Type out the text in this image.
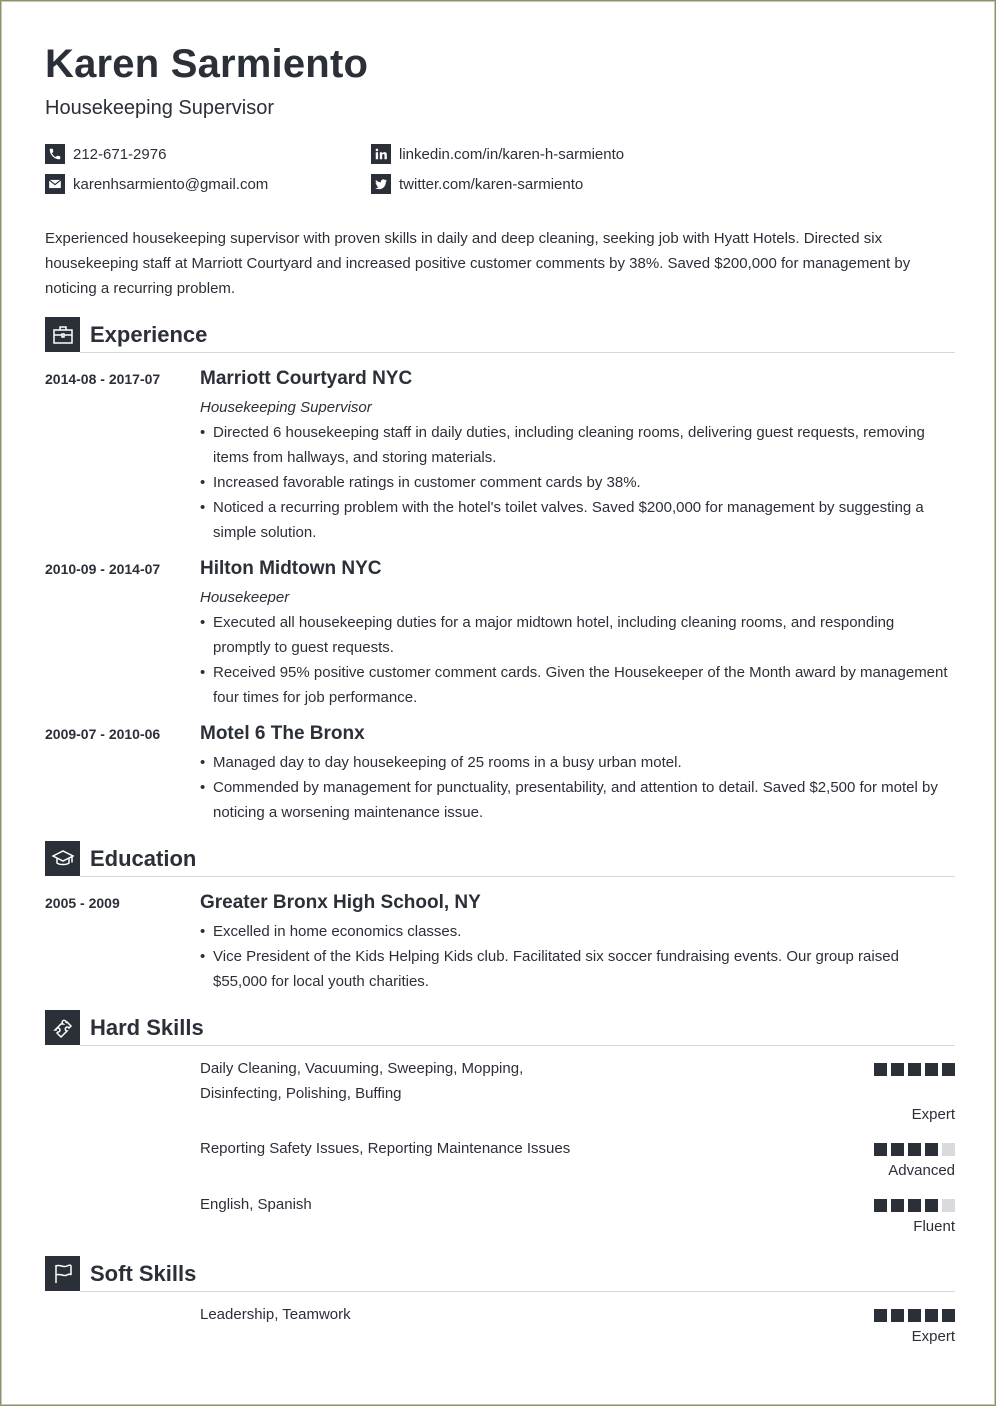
Karen Sarmiento
Housekeeping Supervisor
212-671-2976
karenhsarmiento@gmail.com
linkedin.com/in/karen-h-sarmiento
twitter.com/karen-sarmiento
Experienced housekeeping supervisor with proven skills in daily and deep cleaning, seeking job with Hyatt Hotels. Directed six housekeeping staff at Marriott Courtyard and increased positive customer comments by 38%. Saved $200,000 for management by noticing a recurring problem.
Experience
2014-08 - 2017-07 Marriott Courtyard NYC
Housekeeping Supervisor
• Directed 6 housekeeping staff in daily duties, including cleaning rooms, delivering guest requests, removing items from hallways, and storing materials.
• Increased favorable ratings in customer comment cards by 38%.
• Noticed a recurring problem with the hotel's toilet valves. Saved $200,000 for management by suggesting a simple solution.
2010-09 - 2014-07 Hilton Midtown NYC
Housekeeper
• Executed all housekeeping duties for a major midtown hotel, including cleaning rooms, and responding promptly to guest requests.
• Received 95% positive customer comment cards. Given the Housekeeper of the Month award by management four times for job performance.
2009-07 - 2010-06 Motel 6 The Bronx
• Managed day to day housekeeping of 25 rooms in a busy urban motel.
• Commended by management for punctuality, presentability, and attention to detail. Saved $2,500 for motel by noticing a worsening maintenance issue.
Education
2005 - 2009	Greater Bronx High School, NY
• Excelled in home economics classes.
• Vice President of the Kids Helping Kids club. Facilitated six soccer fundraising events. Our group raised $55,000 for local youth charities.
Hard Skills
Daily Cleaning, Vacuuming, Sweeping, Mopping, Disinfecting, Polishing, Buffing
Expert
Reporting Safety Issues, Reporting Maintenance Issues
Advanced
English, Spanish
Fluent
Soft Skills
Leadership, Teamwork
Expert
